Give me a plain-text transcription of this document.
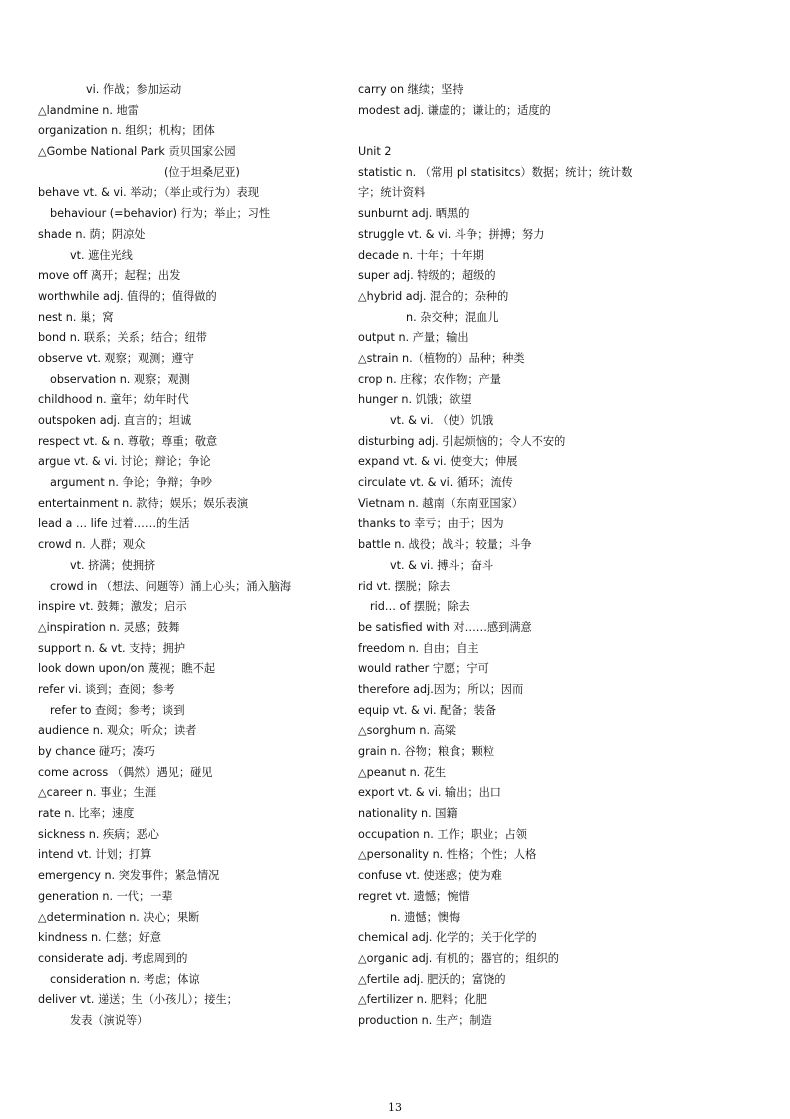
vi. 作战；参加运动
△landmine n. 地雷
organization n. 组织；机构；团体
△Gombe National Park 贡贝国家公园
(位于坦桑尼亚)
behave vt. & vi. 举动；（举止或行为）表现
behaviour (=behavior) 行为；举止；习性
shade n. 荫；阴凉处
vt. 遮住光线
move off 离开；起程；出发
worthwhile adj. 值得的；值得做的
nest n. 巢；窝
bond n. 联系；关系；结合；纽带
observe vt. 观察；观测；遵守
observation n. 观察；观测
childhood n. 童年；幼年时代
outspoken adj. 直言的；坦诚
respect vt. & n. 尊敬；尊重；敬意
argue vt. & vi. 讨论；辩论；争论
argument n. 争论；争辩；争吵
entertainment n. 款待；娱乐；娱乐表演
lead a … life 过着……的生活
crowd n. 人群；观众
vt. 挤满；使拥挤
crowd in （想法、问题等）涌上心头；涌入脑海
inspire vt. 鼓舞；激发；启示
△inspiration n. 灵感；鼓舞
support n. & vt. 支持；拥护
look down upon/on 蔑视；瞧不起
refer vi. 谈到；查阅；参考
refer to 查阅；参考；谈到
audience n. 观众；听众；读者
by chance 碰巧；凑巧
come across （偶然）遇见；碰见
△career n. 事业；生涯
rate n. 比率；速度
sickness n. 疾病；恶心
intend vt. 计划；打算
emergency n. 突发事件；紧急情况
generation n. 一代；一辈
△determination n. 决心；果断
kindness n. 仁慈；好意
considerate adj. 考虑周到的
consideration n. 考虑；体谅
deliver vt. 递送；生（小孩儿）；接生；
发表（演说等）
carry on 继续；坚持
modest adj. 谦虚的；谦让的；适度的
Unit 2
statistic n. （常用 pl statisitcs）数据；统计；统计数
字；统计资料
sunburnt adj. 晒黑的
struggle vt. & vi. 斗争；拼搏；努力
decade n. 十年；十年期
super adj. 特级的；超级的
△hybrid adj. 混合的；杂种的
n. 杂交种；混血儿
output n. 产量；输出
△strain n.（植物的）品种；种类
crop n. 庄稼；农作物；产量
hunger n. 饥饿；欲望
vt. & vi. （使）饥饿
disturbing adj. 引起烦恼的；令人不安的
expand vt. & vi. 使变大；伸展
circulate vt. & vi. 循环；流传
Vietnam n. 越南（东南亚国家）
thanks to 幸亏；由于；因为
battle n. 战役；战斗；较量；斗争
vt. & vi. 搏斗；奋斗
rid vt. 摆脱；除去
rid… of 摆脱；除去
be satisfied with 对……感到满意
freedom n. 自由；自主
would rather 宁愿；宁可
therefore adj.因为；所以；因而
equip vt. & vi. 配备；装备
△sorghum n. 高粱
grain n. 谷物；粮食；颗粒
△peanut n. 花生
export vt. & vi. 输出；出口
nationality n. 国籍
occupation n. 工作；职业；占领
△personality n. 性格；个性；人格
confuse vt. 使迷惑；使为难
regret vt. 遗憾；惋惜
n. 遗憾；懊悔
chemical adj. 化学的；关于化学的
△organic adj. 有机的；器官的；组织的
△fertile adj. 肥沃的；富饶的
△fertilizer n. 肥料；化肥
production n. 生产；制造
13
